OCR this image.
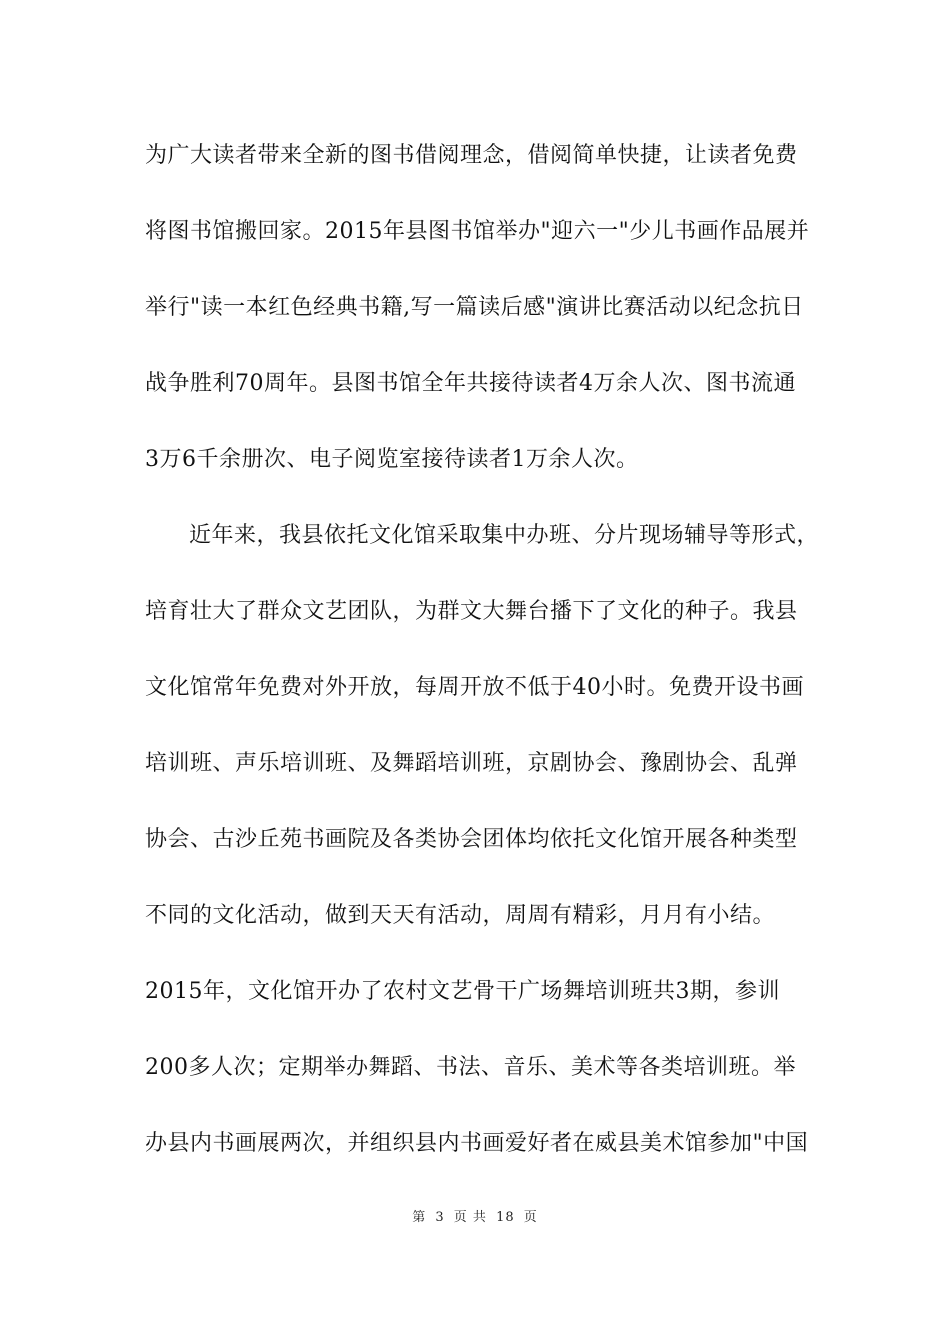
为广大读者带来全新的图书借阅理念，借阅简单快捷，让读者免费
将图书馆搬回家。2015年县图书馆举办"迎六一"少儿书画作品展并
举行"读一本红色经典书籍,写一篇读后感"演讲比赛活动以纪念抗日
战争胜利70周年。县图书馆全年共接待读者4万余人次、图书流通
3万6千余册次、电子阅览室接待读者1万余人次。
近年来，我县依托文化馆采取集中办班、分片现场辅导等形式，
培育壮大了群众文艺团队，为群文大舞台播下了文化的种子。我县
文化馆常年免费对外开放，每周开放不低于40小时。免费开设书画
培训班、声乐培训班、及舞蹈培训班，京剧协会、豫剧协会、乱弹
协会、古沙丘苑书画院及各类协会团体均依托文化馆开展各种类型
不同的文化活动，做到天天有活动，周周有精彩，月月有小结。
2015年，文化馆开办了农村文艺骨干广场舞培训班共3期，参训
200多人次；定期举办舞蹈、书法、音乐、美术等各类培训班。举
办县内书画展两次，并组织县内书画爱好者在威县美术馆参加"中国
第 3 页 共 18 页
